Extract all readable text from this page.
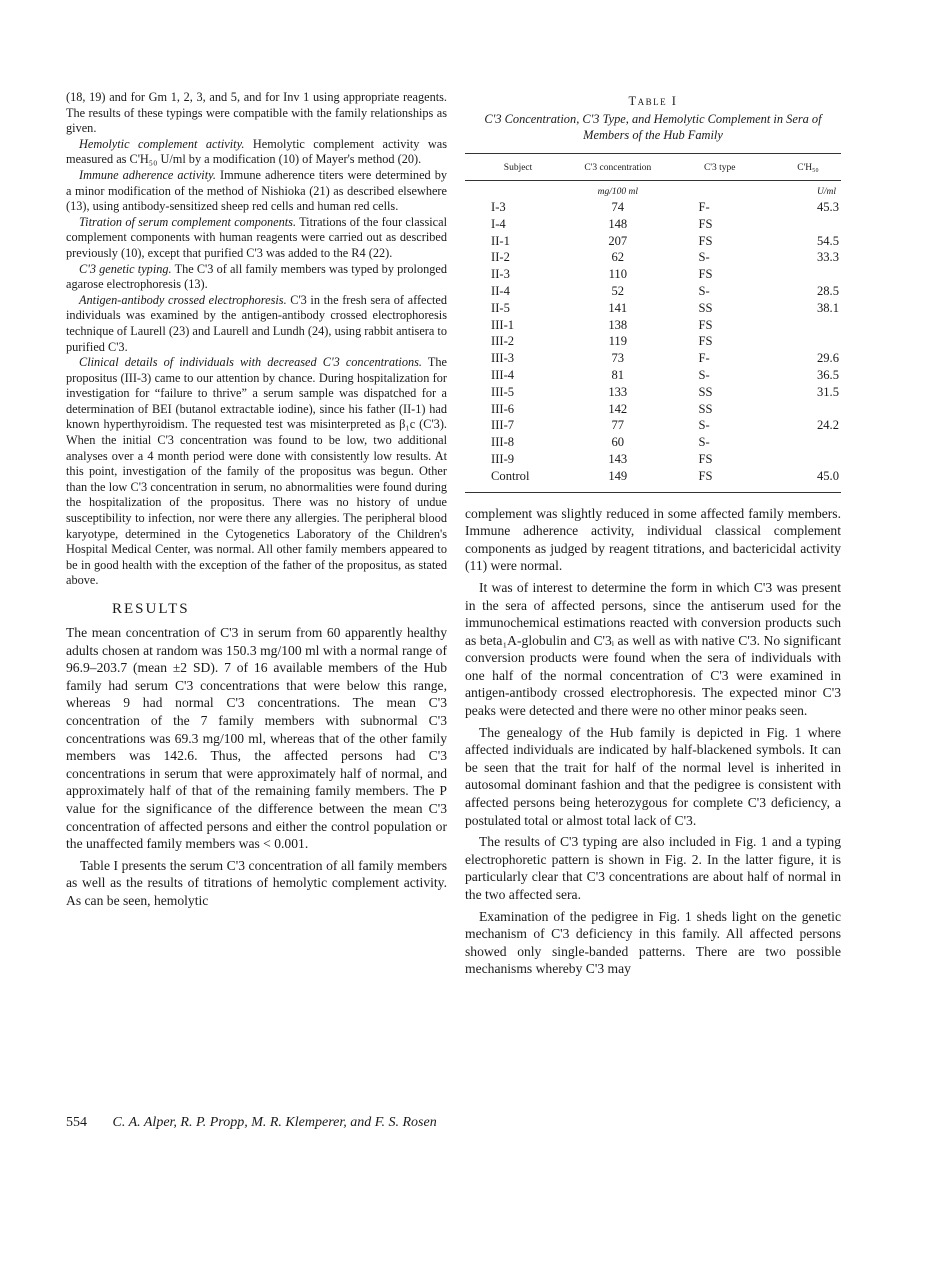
(18, 19) and for Gm 1, 2, 3, and 5, and for Inv 1 using appropriate reagents. The results of these typings were compatible with the family relationships as given.

Hemolytic complement activity. Hemolytic complement activity was measured as C'H₅₀ U/ml by a modification (10) of Mayer's method (20).

Immune adherence activity. Immune adherence titers were determined by a minor modification of the method of Nishioka (21) as described elsewhere (13), using antibody-sensitized sheep red cells and human red cells.

Titration of serum complement components. Titrations of the four classical complement components with human reagents were carried out as described previously (10), except that purified C'3 was added to the R4 (22).

C'3 genetic typing. The C'3 of all family members was typed by prolonged agarose electrophoresis (13).

Antigen-antibody crossed electrophoresis. C'3 in the fresh sera of affected individuals was examined by the antigen-antibody crossed electrophoresis technique of Laurell (23) and Laurell and Lundh (24), using rabbit antisera to purified C'3.

Clinical details of individuals with decreased C'3 concentrations. The propositus (III-3) came to our attention by chance. During hospitalization for investigation for “failure to thrive” a serum sample was dispatched for a determination of BEI (butanol extractable iodine), since his father (II-1) had known hyperthyroidism. The requested test was misinterpreted as β₁c (C'3). When the initial C'3 concentration was found to be low, two additional analyses over a 4 month period were done with consistently low results. At this point, investigation of the family of the propositus was begun. Other than the low C'3 concentration in serum, no abnormalities were found during the hospitalization of the propositus. There was no history of undue susceptibility to infection, nor were there any allergies. The peripheral blood karyotype, determined in the Cytogenetics Laboratory of the Children's Hospital Medical Center, was normal. All other family members appeared to be in good health with the exception of the father of the propositus, as stated above.

RESULTS

The mean concentration of C'3 in serum from 60 apparently healthy adults chosen at random was 150.3 mg/100 ml with a normal range of 96.9–203.7 (mean ±2 SD). 7 of 16 available members of the Hub family had serum C'3 concentrations that were below this range, whereas 9 had normal C'3 concentrations. The mean C'3 concentration of the 7 family members with subnormal C'3 concentrations was 69.3 mg/100 ml, whereas that of the other family members was 142.6. Thus, the affected persons had C'3 concentrations in serum that were approximately half of normal, and approximately half of that of the remaining family members. The P value for the significance of the difference between the mean C'3 concentration of affected persons and either the control population or the unaffected family members was < 0.001.

Table I presents the serum C'3 concentration of all family members as well as the results of titrations of hemolytic complement activity. As can be seen, hemolytic

Table I
C'3 Concentration, C'3 Type, and Hemolytic Complement in Sera of Members of the Hub Family
Subject	C'3 concentration	C'3 type	C'H₅₀
	mg/100 ml		U/ml
I-3	74	F-	45.3
I-4	148	FS	
II-1	207	FS	54.5
II-2	62	S-	33.3
II-3	110	FS	
II-4	52	S-	28.5
II-5	141	SS	38.1
III-1	138	FS	
III-2	119	FS	
III-3	73	F-	29.6
III-4	81	S-	36.5
III-5	133	SS	31.5
III-6	142	SS	
III-7	77	S-	24.2
III-8	60	S-	
III-9	143	FS	
Control	149	FS	45.0

complement was slightly reduced in some affected family members. Immune adherence activity, individual classical complement components as judged by reagent titrations, and bactericidal activity (11) were normal.

It was of interest to determine the form in which C'3 was present in the sera of affected persons, since the antiserum used for the immunochemical estimations reacted with conversion products such as beta₁A-globulin and C'3ᵢ as well as with native C'3. No significant conversion products were found when the sera of individuals with one half of the normal concentration of C'3 were examined in antigen-antibody crossed electrophoresis. The expected minor C'3 peaks were detected and there were no other minor peaks seen.

The genealogy of the Hub family is depicted in Fig. 1 where affected individuals are indicated by half-blackened symbols. It can be seen that the trait for half of the normal level is inherited in autosomal dominant fashion and that the pedigree is consistent with affected persons being heterozygous for complete C'3 deficiency, a postulated total or almost total lack of C'3.

The results of C'3 typing are also included in Fig. 1 and a typing electrophoretic pattern is shown in Fig. 2. In the latter figure, it is particularly clear that C'3 concentrations are about half of normal in the two affected sera.

Examination of the pedigree in Fig. 1 sheds light on the genetic mechanism of C'3 deficiency in this family. All affected persons showed only single-banded patterns. There are two possible mechanisms whereby C'3 may

554 C. A. Alper, R. P. Propp, M. R. Klemperer, and F. S. Rosen
